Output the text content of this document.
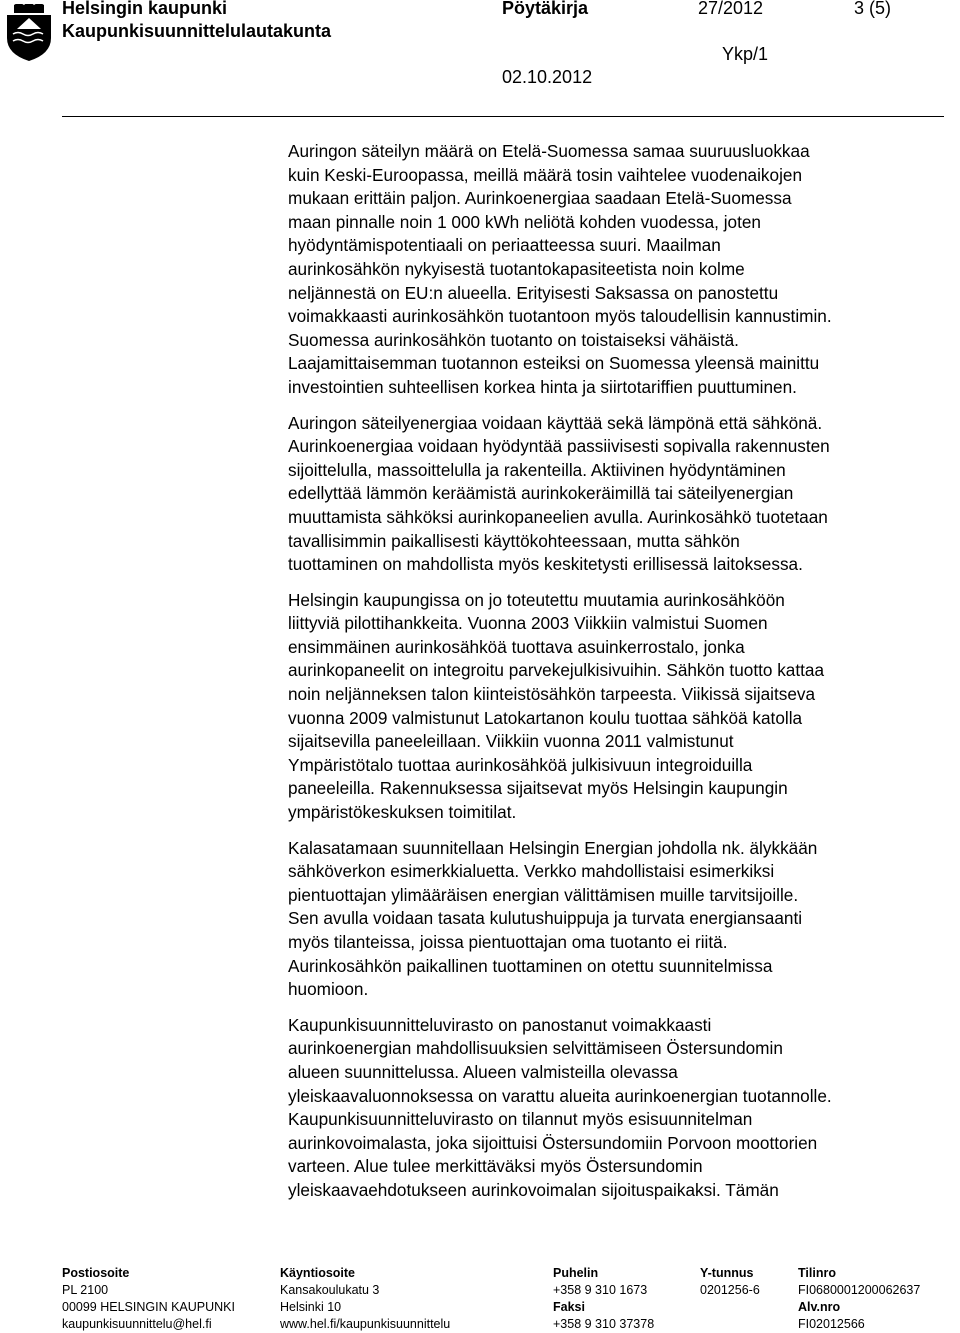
Helsingin kaupunki
Kaupunkisuunnittelulautakunta
Pöytäkirja	27/2012	3 (5)
Ykp/1
02.10.2012

Auringon säteilyn määrä on Etelä-Suomessa samaa suuruusluokkaa
kuin Keski-Euroopassa, meillä määrä tosin vaihtelee vuodenaikojen
mukaan erittäin paljon. Aurinkoenergiaa saadaan Etelä-Suomessa
maan pinnalle noin 1 000 kWh neliötä kohden vuodessa, joten
hyödyntämispotentiaali on periaatteessa suuri. Maailman
aurinkosähkön nykyisestä tuotantokapasiteetista noin kolme
neljännestä on EU:n alueella. Erityisesti Saksassa on panostettu
voimakkaasti aurinkosähkön tuotantoon myös taloudellisin kannustimin.
Suomessa aurinkosähkön tuotanto on toistaiseksi vähäistä.
Laajamittaisemman tuotannon esteiksi on Suomessa yleensä mainittu
investointien suhteellisen korkea hinta ja siirtotariffien puuttuminen.

Auringon säteilyenergiaa voidaan käyttää sekä lämpönä että sähkönä.
Aurinkoenergiaa voidaan hyödyntää passiivisesti sopivalla rakennusten
sijoittelulla, massoittelulla ja rakenteilla. Aktiivinen hyödyntäminen
edellyttää lämmön keräämistä aurinkokeräimillä tai säteilyenergian
muuttamista sähköksi aurinkopaneelien avulla. Aurinkosähkö tuotetaan
tavallisimmin paikallisesti käyttökohteessaan, mutta sähkön
tuottaminen on mahdollista myös keskitetysti erillisessä laitoksessa.

Helsingin kaupungissa on jo toteutettu muutamia aurinkosähköön
liittyviä pilottihankkeita. Vuonna 2003 Viikkiin valmistui Suomen
ensimmäinen aurinkosähköä tuottava asuinkerrostalo, jonka
aurinkopaneelit on integroitu parvekejulkisivuihin. Sähkön tuotto kattaa
noin neljänneksen talon kiinteistösähkön tarpeesta. Viikissä sijaitseva
vuonna 2009 valmistunut Latokartanon koulu tuottaa sähköä katolla
sijaitsevilla paneeleillaan. Viikkiin vuonna 2011 valmistunut
Ympäristötalo tuottaa aurinkosähköä julkisivuun integroiduilla
paneeleilla. Rakennuksessa sijaitsevat myös Helsingin kaupungin
ympäristökeskuksen toimitilat.

Kalasatamaan suunnitellaan Helsingin Energian johdolla nk. älykkään
sähköverkon esimerkkialuetta. Verkko mahdollistaisi esimerkiksi
pientuottajan ylimääräisen energian välittämisen muille tarvitsijoille.
Sen avulla voidaan tasata kulutushuippuja ja turvata energiansaanti
myös tilanteissa, joissa pientuottajan oma tuotanto ei riitä.
Aurinkosähkön paikallinen tuottaminen on otettu suunnitelmissa
huomioon.

Kaupunkisuunnitteluvirasto on panostanut voimakkaasti
aurinkoenergian mahdollisuuksien selvittämiseen Östersundomin
alueen suunnittelussa. Alueen valmisteilla olevassa
yleiskaavaluonnoksessa on varattu alueita aurinkoenergian tuotannolle.
Kaupunkisuunnitteluvirasto on tilannut myös esisuunnitelman
aurinkovoimalasta, joka sijoittuisi Östersundomiin Porvoon moottorien
varteen. Alue tulee merkittäväksi myös Östersundomin
yleiskaavaehdotukseen aurinkovoimalan sijoituspaikaksi. Tämän

Postiosoite
PL 2100
00099 HELSINGIN KAUPUNKI
kaupunkisuunnittelu@hel.fi
Käyntiosoite
Kansakoulukatu 3
Helsinki 10
www.hel.fi/kaupunkisuunnittelu
Puhelin
+358 9 310 1673
Faksi
+358 9 310 37378
Y-tunnus
0201256-6
Tilinro
FI0680001200062637
Alv.nro
FI02012566
